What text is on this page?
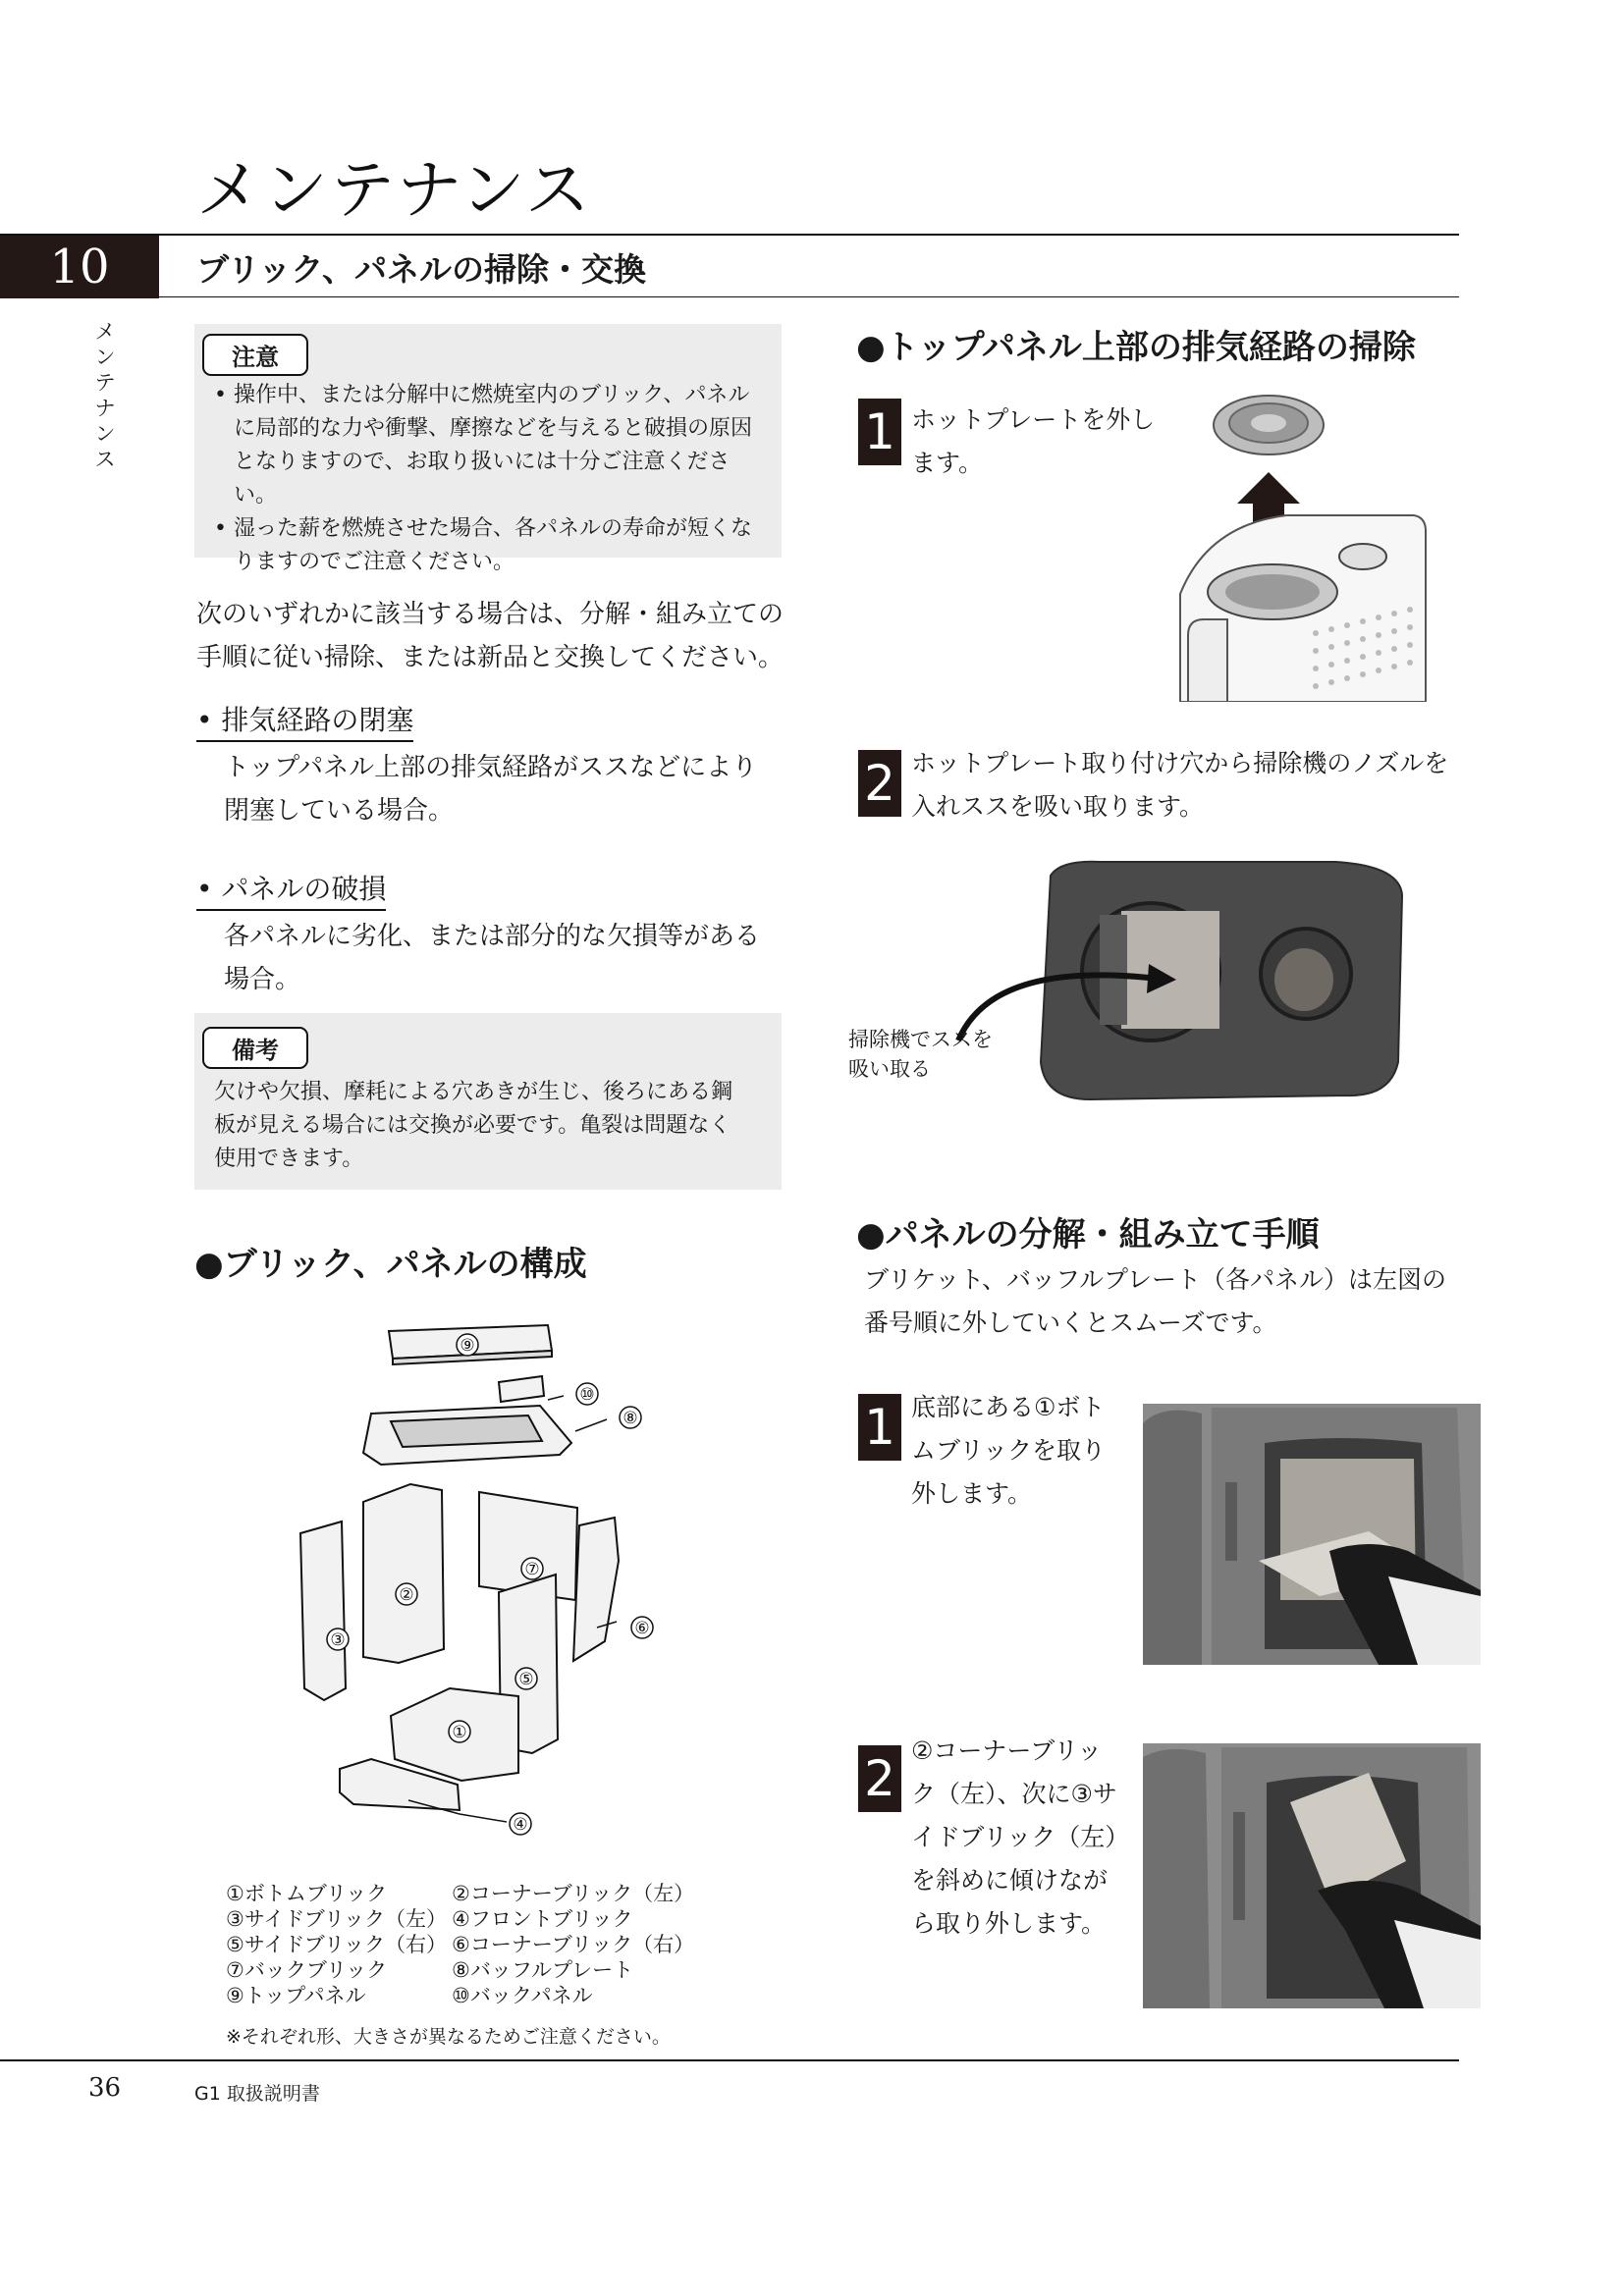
メンテナンス
10	ブリック、パネルの掃除・交換
メ
ン
テ
ナ
ン
ス
注意
• 操作中、または分解中に燃焼室内のブリック、パネルに局部的な力や衝撃、摩擦などを与えると破損の原因となりますので、お取り扱いには十分ご注意ください。
• 湿った薪を燃焼させた場合、各パネルの寿命が短くなりますのでご注意ください。
次のいずれかに該当する場合は、分解・組み立ての
手順に従い掃除、または新品と交換してください。
• 排気経路の閉塞
トップパネル上部の排気経路がススなどにより
閉塞している場合。
• パネルの破損
各パネルに劣化、または部分的な欠損等がある
場合。
備考
欠けや欠損、摩耗による穴あきが生じ、後ろにある鋼
板が見える場合には交換が必要です。亀裂は問題なく
使用できます。
●ブリック、パネルの構成
⑨
⑩
⑧
⑦
②
③
⑥
⑤
①
④
①ボトムブリック
③サイドブリック（左）
⑤サイドブリック（右）
⑦バックブリック
⑨トップパネル
②コーナーブリック（左）
④フロントブリック
⑥コーナーブリック（右）
⑧バッフルプレート
⑩バックパネル
※それぞれ形、大きさが異なるためご注意ください。
●トップパネル上部の排気経路の掃除
1 ホットプレートを外し
ます。
2 ホットプレート取り付け穴から掃除機のノズルを
入れススを吸い取ります。
掃除機でススを
吸い取る
●パネルの分解・組み立て手順
ブリケット、バッフルプレート（各パネル）は左図の
番号順に外していくとスムーズです。
1 底部にある①ボト
ムブリックを取り
外します。
2 ②コーナーブリッ
ク（左）、次に③サ
イドブリック（左）
を斜めに傾けなが
ら取り外します。
36	G1 取扱説明書
